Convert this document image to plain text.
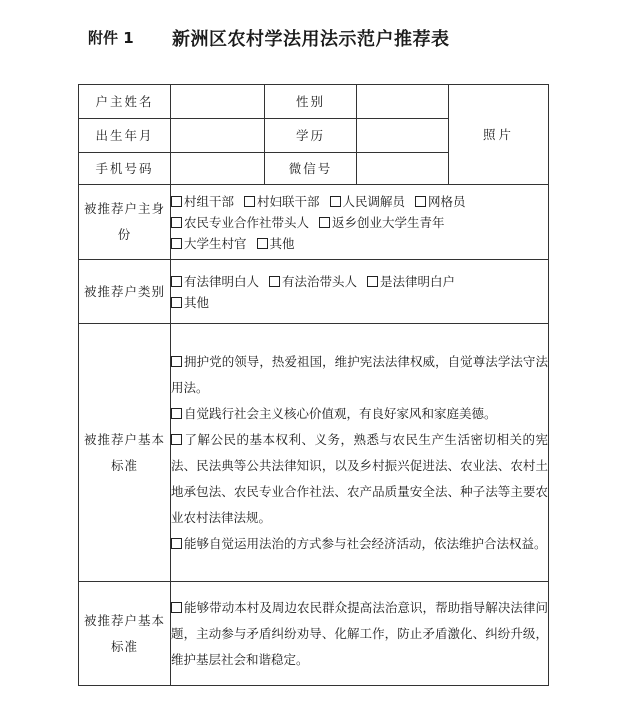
附件 1 新洲区农村学法用法示范户推荐表
户主姓名		性别		照片
出生年月		学历		
手机号码		微信号		
被推荐户主身份	村组干部 村妇联干部 人民调解员 网格员
农民专业合作社带头人 返乡创业大学生青年
大学生村官 其他			

被推荐户类别	有法律明白人 有法治带头人 是法律明白户
其他			

被推荐户基本标准	拥护党的领导，热爱祖国，维护宪法法律权威，自觉尊法学法守法用法。
自觉践行社会主义核心价值观，有良好家风和家庭美德。
了解公民的基本权利、义务，熟悉与农民生产生活密切相关的宪法、民法典等公共法律知识，以及乡村振兴促进法、农业法、农村土地承包法、农民专业合作社法、农产品质量安全法、种子法等主要农业农村法律法规。
能够自觉运用法治的方式参与社会经济活动，依法维护合法权益。			

被推荐户基本标准	能够带动本村及周边农民群众提高法治意识，帮助指导解决法律问题，主动参与矛盾纠纷劝导、化解工作，防止矛盾激化、纠纷升级，维护基层社会和谐稳定。			
